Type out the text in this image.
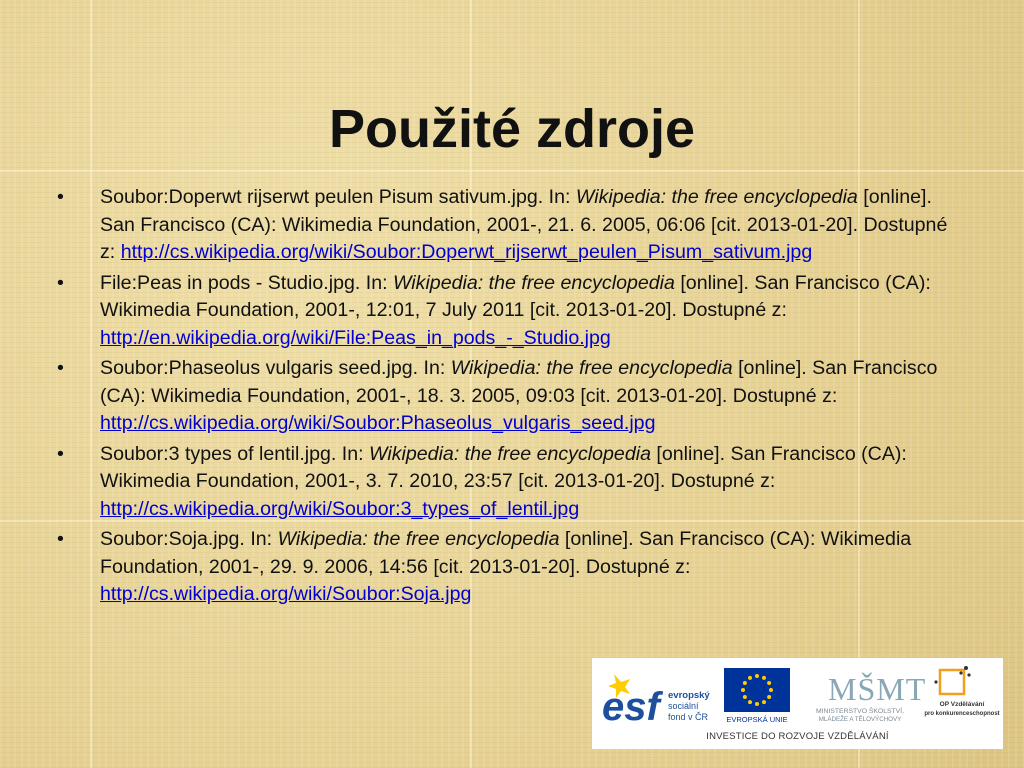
Použité zdroje
• Soubor:Doperwt rijserwt peulen Pisum sativum.jpg. In: Wikipedia: the free encyclopedia [online]. San Francisco (CA): Wikimedia Foundation, 2001-, 21. 6. 2005, 06:06 [cit. 2013-01-20]. Dostupné z: http://cs.wikipedia.org/wiki/Soubor:Doperwt_rijserwt_peulen_Pisum_sativum.jpg
• File:Peas in pods - Studio.jpg. In: Wikipedia: the free encyclopedia [online]. San Francisco (CA): Wikimedia Foundation, 2001-, 12:01, 7 July 2011 [cit. 2013-01-20]. Dostupné z: http://en.wikipedia.org/wiki/File:Peas_in_pods_-_Studio.jpg
• Soubor:Phaseolus vulgaris seed.jpg. In: Wikipedia: the free encyclopedia [online]. San Francisco (CA): Wikimedia Foundation, 2001-, 18. 3. 2005, 09:03 [cit. 2013-01-20]. Dostupné z: http://cs.wikipedia.org/wiki/Soubor:Phaseolus_vulgaris_seed.jpg
• Soubor:3 types of lentil.jpg. In: Wikipedia: the free encyclopedia [online]. San Francisco (CA): Wikimedia Foundation, 2001-, 3. 7. 2010, 23:57 [cit. 2013-01-20]. Dostupné z: http://cs.wikipedia.org/wiki/Soubor:3_types_of_lentil.jpg
• Soubor:Soja.jpg. In: Wikipedia: the free encyclopedia [online]. San Francisco (CA): Wikimedia Foundation, 2001-, 29. 9. 2006, 14:56 [cit. 2013-01-20]. Dostupné z: http://cs.wikipedia.org/wiki/Soubor:Soja.jpg
esf evropský
sociální
fond v ČR EVROPSKÁ UNIE
MŠMT
MINISTERSTVO ŠKOLSTVÍ,
MLÁDEŽE A TĚLOVÝCHOVY
OP Vzdělávání
pro konkurenceschopnost
INVESTICE DO ROZVOJE VZDĚLÁVÁNÍ
